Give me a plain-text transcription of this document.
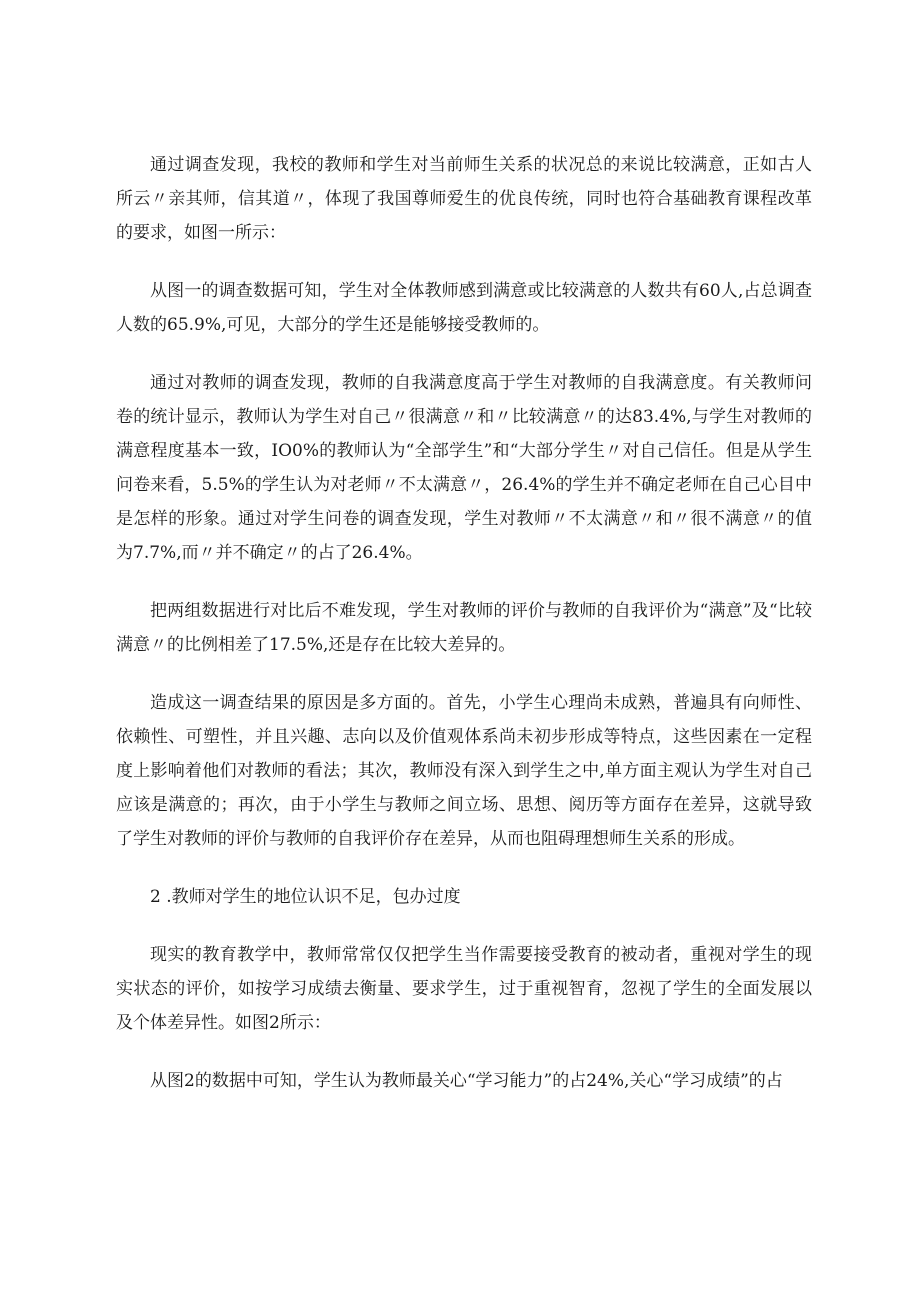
通过调查发现，我校的教师和学生对当前师生关系的状况总的来说比较满意，正如古人所云〃亲其师，信其道〃，体现了我国尊师爱生的优良传统，同时也符合基础教育课程改革的要求，如图一所示：

从图一的调查数据可知，学生对全体教师感到满意或比较满意的人数共有60人,占总调查人数的65.9%,可见，大部分的学生还是能够接受教师的。

通过对教师的调查发现，教师的自我满意度高于学生对教师的自我满意度。有关教师问卷的统计显示，教师认为学生对自己〃很满意〃和〃比较满意〃的达83.4%,与学生对教师的满意程度基本一致，IO0%的教师认为“全部学生”和“大部分学生〃对自己信任。但是从学生问卷来看，5.5%的学生认为对老师〃不太满意〃，26.4%的学生并不确定老师在自己心目中是怎样的形象。通过对学生问卷的调查发现，学生对教师〃不太满意〃和〃很不满意〃的值为7.7%,而〃并不确定〃的占了26.4%。

把两组数据进行对比后不难发现，学生对教师的评价与教师的自我评价为“满意”及“比较满意〃的比例相差了17.5%,还是存在比较大差异的。

造成这一调查结果的原因是多方面的。首先，小学生心理尚未成熟，普遍具有向师性、依赖性、可塑性，并且兴趣、志向以及价值观体系尚未初步形成等特点，这些因素在一定程度上影响着他们对教师的看法；其次，教师没有深入到学生之中,单方面主观认为学生对自己应该是满意的；再次，由于小学生与教师之间立场、思想、阅历等方面存在差异，这就导致了学生对教师的评价与教师的自我评价存在差异，从而也阻碍理想师生关系的形成。

2 .教师对学生的地位认识不足，包办过度

现实的教育教学中，教师常常仅仅把学生当作需要接受教育的被动者，重视对学生的现实状态的评价，如按学习成绩去衡量、要求学生，过于重视智育，忽视了学生的全面发展以及个体差异性。如图2所示：

从图2的数据中可知，学生认为教师最关心“学习能力”的占24%,关心“学习成绩”的占
